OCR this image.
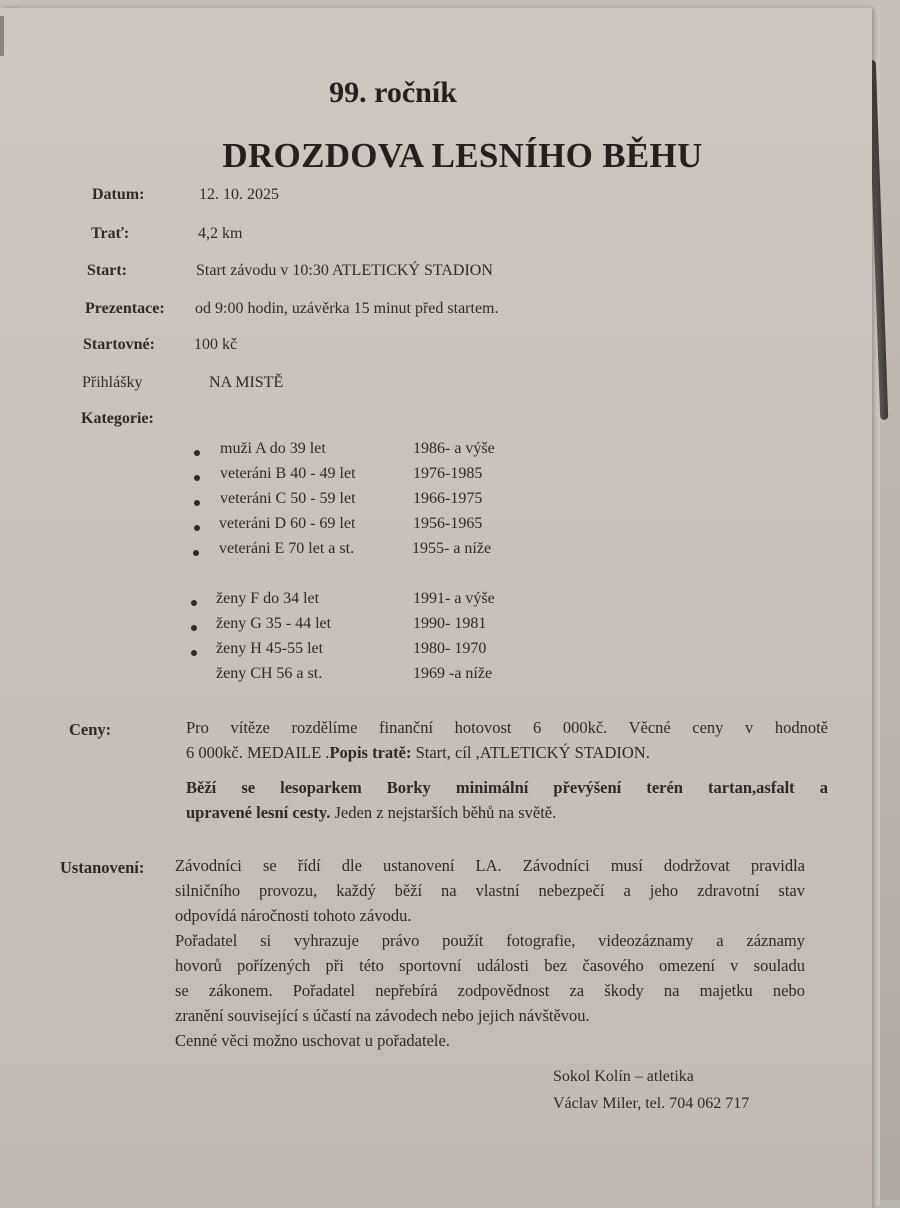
99. ročník
DROZDOVA LESNÍHO BĚHU
Datum:	12. 10. 2025
Trať:	4,2 km
Start:	Start závodu v 10:30 ATLETICKÝ STADION
Prezentace: od 9:00 hodin, uzávěrka 15 minut před startem.
Startovné: 100 kč
Přihlášky	NA MISTĚ
Kategorie:
muži A do 39 let	1986- a výše
veteráni B 40 - 49 let	1976-1985
veteráni C 50 - 59 let	1966-1975
veteráni D 60 - 69 let	1956-1965
veteráni E 70 let a st.	1955- a níže
ženy F do 34 let	1991- a výše
ženy G 35 - 44 let	1990- 1981
ženy H 45-55 let	1980- 1970
ženy CH 56 a st.	1969 -a níže
Ceny:	Pro vítěze rozdělíme finanční hotovost 6 000kč. Věcné ceny v hodnotě
6 000kč. MEDAILE .Popis tratě: Start, cíl ,ATLETICKÝ STADION.
Běží se lesoparkem Borky minimální převýšení terén tartan,asfalt a
upravené lesní cesty. Jeden z nejstarších běhů na světě.
Ustanovení: Závodníci se řídí dle ustanovení LA. Závodníci musí dodržovat pravidla
silničního provozu, každý běží na vlastní nebezpečí a jeho zdravotní stav
odpovídá náročnosti tohoto závodu.
Pořadatel si vyhrazuje právo použít fotografie, videozáznamy a záznamy
hovorů pořízených při této sportovní události bez časového omezení v souladu
se zákonem. Pořadatel nepřebírá zodpovědnost za škody na majetku nebo
zranění související s účastí na závodech nebo jejich návštěvou.
Cenné věci možno uschovat u pořadatele.
Sokol Kolín – atletika
Václav Miler, tel. 704 062 717
